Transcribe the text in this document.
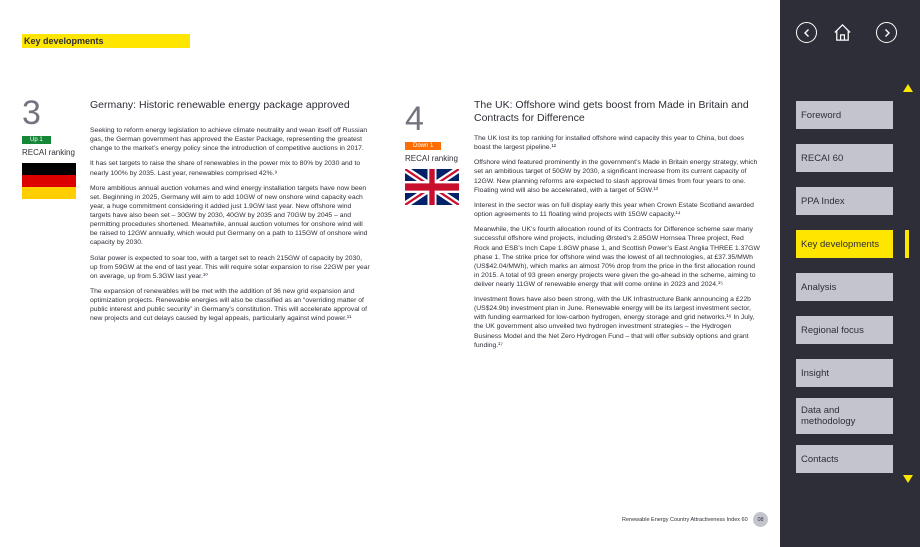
Key developments
3
Up 1
RECAI ranking
Germany: Historic renewable energy package approved

Seeking to reform energy legislation to achieve climate neutrality and wean itself off Russian gas, the German government has approved the Easter Package, representing the greatest change to the market’s energy policy since the introduction of competitive auctions in 2017.

It has set targets to raise the share of renewables in the power mix to 80% by 2030 and to nearly 100% by 2035. Last year, renewables comprised 42%.⁹

More ambitious annual auction volumes and wind energy installation targets have now been set. Beginning in 2025, Germany will aim to add 10GW of new onshore wind capacity each year, a huge commitment considering it added just 1.9GW last year. New offshore wind targets have also been set – 30GW by 2030, 40GW by 2035 and 70GW by 2045 – and permitting procedures shortened. Meanwhile, annual auction volumes for onshore wind will be raised to 12GW annually, which would put Germany on a path to 115GW of onshore wind capacity by 2030.

Solar power is expected to soar too, with a target set to reach 215GW of capacity by 2030, up from 59GW at the end of last year. This will require solar expansion to rise 22GW per year on average, up from 5.3GW last year.¹⁰

The expansion of renewables will be met with the addition of 36 new grid expansion and optimization projects. Renewable energies will also be classified as an “overriding matter of public interest and public security” in Germany’s constitution. This will accelerate approval of new projects and cut delays caused by legal appeals, particularly against wind power.¹¹

4
Down 1
RECAI ranking
The UK: Offshore wind gets boost from Made in Britain and Contracts for Difference

The UK lost its top ranking for installed offshore wind capacity this year to China, but does boast the largest pipeline.¹²

Offshore wind featured prominently in the government’s Made in Britain energy strategy, which set an ambitious target of 50GW by 2030, a significant increase from its current capacity of 12GW. New planning reforms are expected to slash approval times from four years to one. Floating wind will also be accelerated, with a target of 5GW.¹³

Interest in the sector was on full display early this year when Crown Estate Scotland awarded option agreements to 11 floating wind projects with 15GW capacity.¹⁴

Meanwhile, the UK’s fourth allocation round of its Contracts for Difference scheme saw many successful offshore wind projects, including Ørsted’s 2.85GW Hornsea Three project, Red Rock and ESB’s Inch Cape 1.8GW phase 1, and Scottish Power’s East Anglia THREE 1.37GW phase 1. The strike price for offshore wind was the lowest of all technologies, at £37.35/MWh (US$42.04/MWh), which marks an almost 70% drop from the price in the first allocation round in 2015. A total of 93 green energy projects were given the go-ahead in the scheme, aiming to deliver nearly 11GW of renewable energy that will come online in 2023 and 2024.¹⁵

Investment flows have also been strong, with the UK Infrastructure Bank announcing a £22b (US$24.9b) investment plan in June. Renewable energy will be its largest investment sector, with funding earmarked for low-carbon hydrogen, energy storage and grid networks.¹⁶ In July, the UK government also unveiled two hydrogen investment strategies – the Hydrogen Business Model and the Net Zero Hydrogen Fund – that will offer subsidy options and grant funding.¹⁷

Renewable Energy Country Attractiveness Index 60	08
Foreword
RECAI 60
PPA Index
Key developments
Analysis
Regional focus
Insight
Data and methodology
Contacts
